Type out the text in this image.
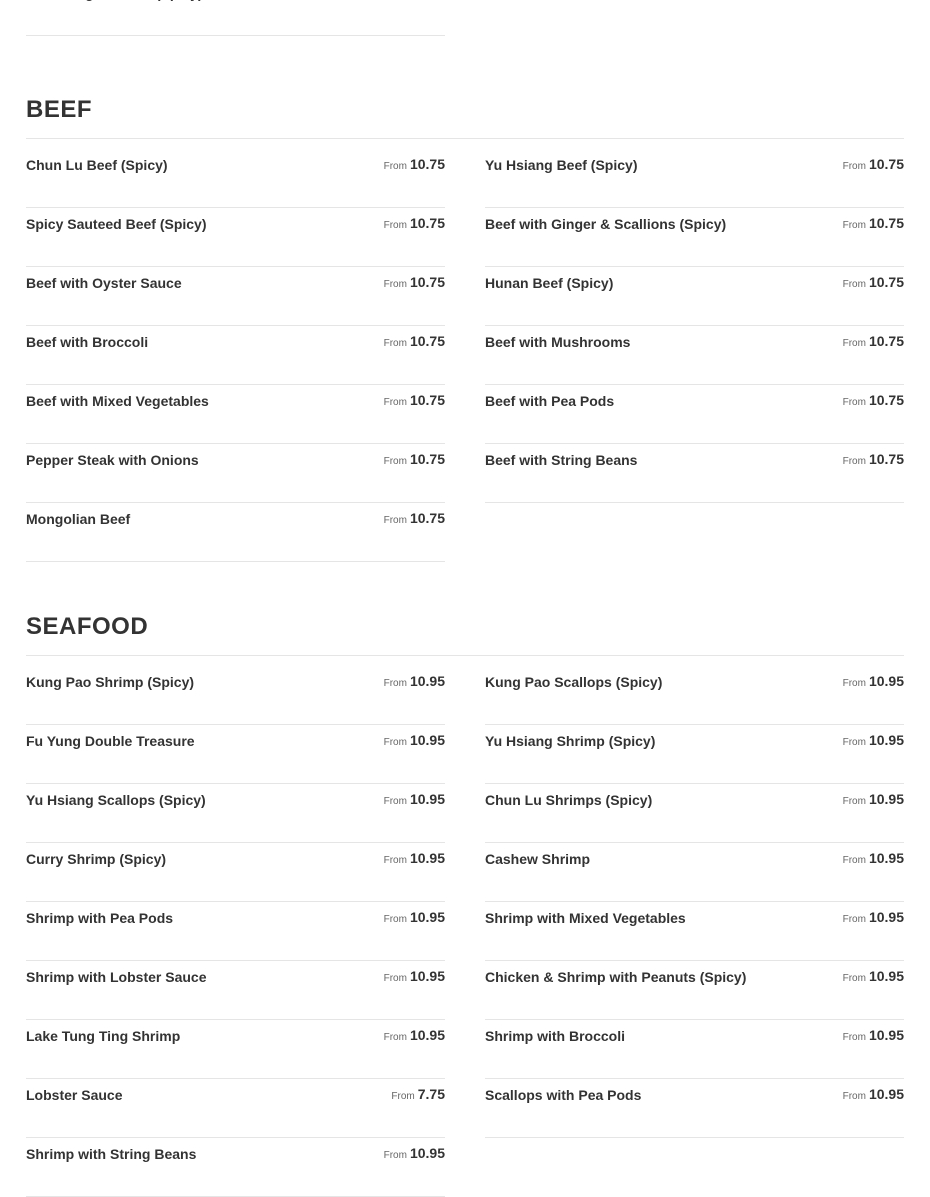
BEEF
SEAFOOD
Chun Lu Beef (Spicy)	From 10.75
Spicy Sauteed Beef (Spicy)	From 10.75
Beef with Oyster Sauce	From 10.75
Beef with Broccoli	From 10.75
Beef with Mixed Vegetables	From 10.75
Pepper Steak with Onions	From 10.75
Mongolian Beef	From 10.75
Yu Hsiang Beef (Spicy)	From 10.75
Beef with Ginger & Scallions (Spicy)	From 10.75
Hunan Beef (Spicy)	From 10.75
Beef with Mushrooms	From 10.75
Beef with Pea Pods	From 10.75
Beef with String Beans	From 10.75
Kung Pao Shrimp (Spicy)	From 10.95
Fu Yung Double Treasure	From 10.95
Yu Hsiang Scallops (Spicy)	From 10.95
Curry Shrimp (Spicy)	From 10.95
Shrimp with Pea Pods	From 10.95
Shrimp with Lobster Sauce	From 10.95
Lake Tung Ting Shrimp	From 10.95
Lobster Sauce	From 7.75
Shrimp with String Beans	From 10.95
Kung Pao Scallops (Spicy)	From 10.95
Yu Hsiang Shrimp (Spicy)	From 10.95
Chun Lu Shrimps (Spicy)	From 10.95
Cashew Shrimp	From 10.95
Shrimp with Mixed Vegetables	From 10.95
Chicken & Shrimp with Peanuts (Spicy)	From 10.95
Shrimp with Broccoli	From 10.95
Scallops with Pea Pods	From 10.95
